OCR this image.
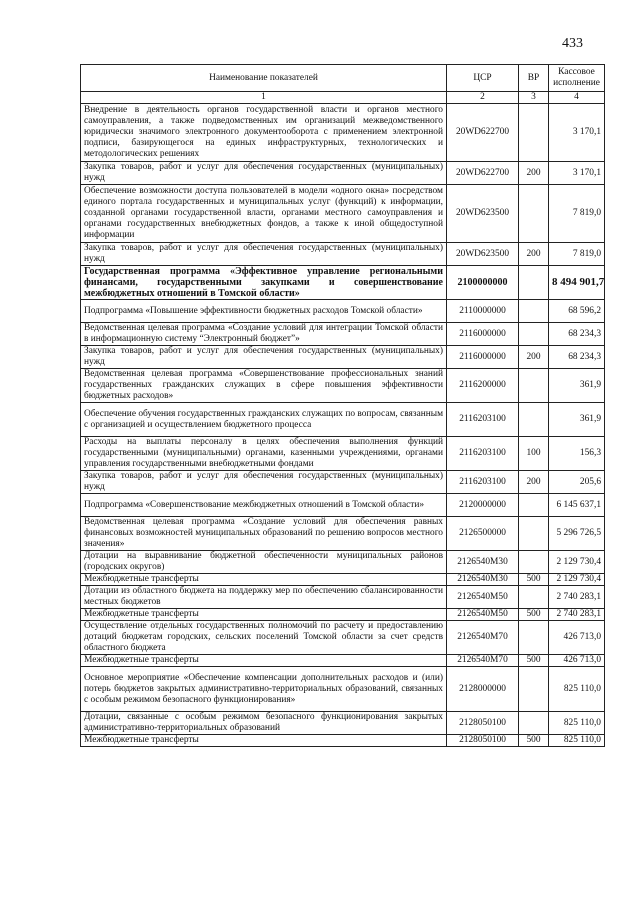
433
Наименование показателей	ЦСР	ВР	Кассовое исполнение
1	2	3	4
Внедрение в деятельность органов государственной власти и органов местного самоуправления, а также подведомственных им организаций межведомственного юридически значимого электронного документооборота с применением электронной подписи, базирующегося на единых инфраструктурных, технологических и методологических решениях	20WD622700		3 170,1
Закупка товаров, работ и услуг для обеспечения государственных (муниципальных) нужд	20WD622700	200	3 170,1
Обеспечение возможности доступа пользователей в модели «одного окна» посредством единого портала государственных и муниципальных услуг (функций) к информации, созданной органами государственной власти, органами местного самоуправления и органами государственных внебюджетных фондов, а также к иной общедоступной информации	20WD623500		7 819,0
Закупка товаров, работ и услуг для обеспечения государственных (муниципальных) нужд	20WD623500	200	7 819,0
Государственная программа «Эффективное управление региональными финансами, государственными закупками и совершенствование межбюджетных отношений в Томской области»	2100000000		8 494 901,7
Подпрограмма «Повышение эффективности бюджетных расходов Томской области»	2110000000		68 596,2
Ведомственная целевая программа «Создание условий для интеграции Томской области в информационную систему “Электронный бюджет”»	2116000000		68 234,3
Закупка товаров, работ и услуг для обеспечения государственных (муниципальных) нужд	2116000000	200	68 234,3
Ведомственная целевая программа «Совершенствование профессиональных знаний государственных гражданских служащих в сфере повышения эффективности бюджетных расходов»	2116200000		361,9
Обеспечение обучения государственных гражданских служащих по вопросам, связанным с организацией и осуществлением бюджетного процесса	2116203100		361,9
Расходы на выплаты персоналу в целях обеспечения выполнения функций государственными (муниципальными) органами, казенными учреждениями, органами управления государственными внебюджетными фондами	2116203100	100	156,3
Закупка товаров, работ и услуг для обеспечения государственных (муниципальных) нужд	2116203100	200	205,6
Подпрограмма «Совершенствование межбюджетных отношений в Томской области»	2120000000		6 145 637,1
Ведомственная целевая программа «Создание условий для обеспечения равных финансовых возможностей муниципальных образований по решению вопросов местного значения»	2126500000		5 296 726,5
Дотации на выравнивание бюджетной обеспеченности муниципальных районов (городских округов)	2126540М30		2 129 730,4
Межбюджетные трансферты	2126540М30	500	2 129 730,4
Дотации из областного бюджета на поддержку мер по обеспечению сбалансированности местных бюджетов	2126540М50		2 740 283,1
Межбюджетные трансферты	2126540М50	500	2 740 283,1
Осуществление отдельных государственных полномочий по расчету и предоставлению дотаций бюджетам городских, сельских поселений Томской области за счет средств областного бюджета	2126540М70		426 713,0
Межбюджетные трансферты	2126540М70	500	426 713,0
Основное мероприятие «Обеспечение компенсации дополнительных расходов и (или) потерь бюджетов закрытых административно-территориальных образований, связанных с особым режимом безопасного функционирования»	2128000000		825 110,0
Дотации, связанные с особым режимом безопасного функционирования закрытых административно-территориальных образований	2128050100		825 110,0
Межбюджетные трансферты	2128050100	500	825 110,0
